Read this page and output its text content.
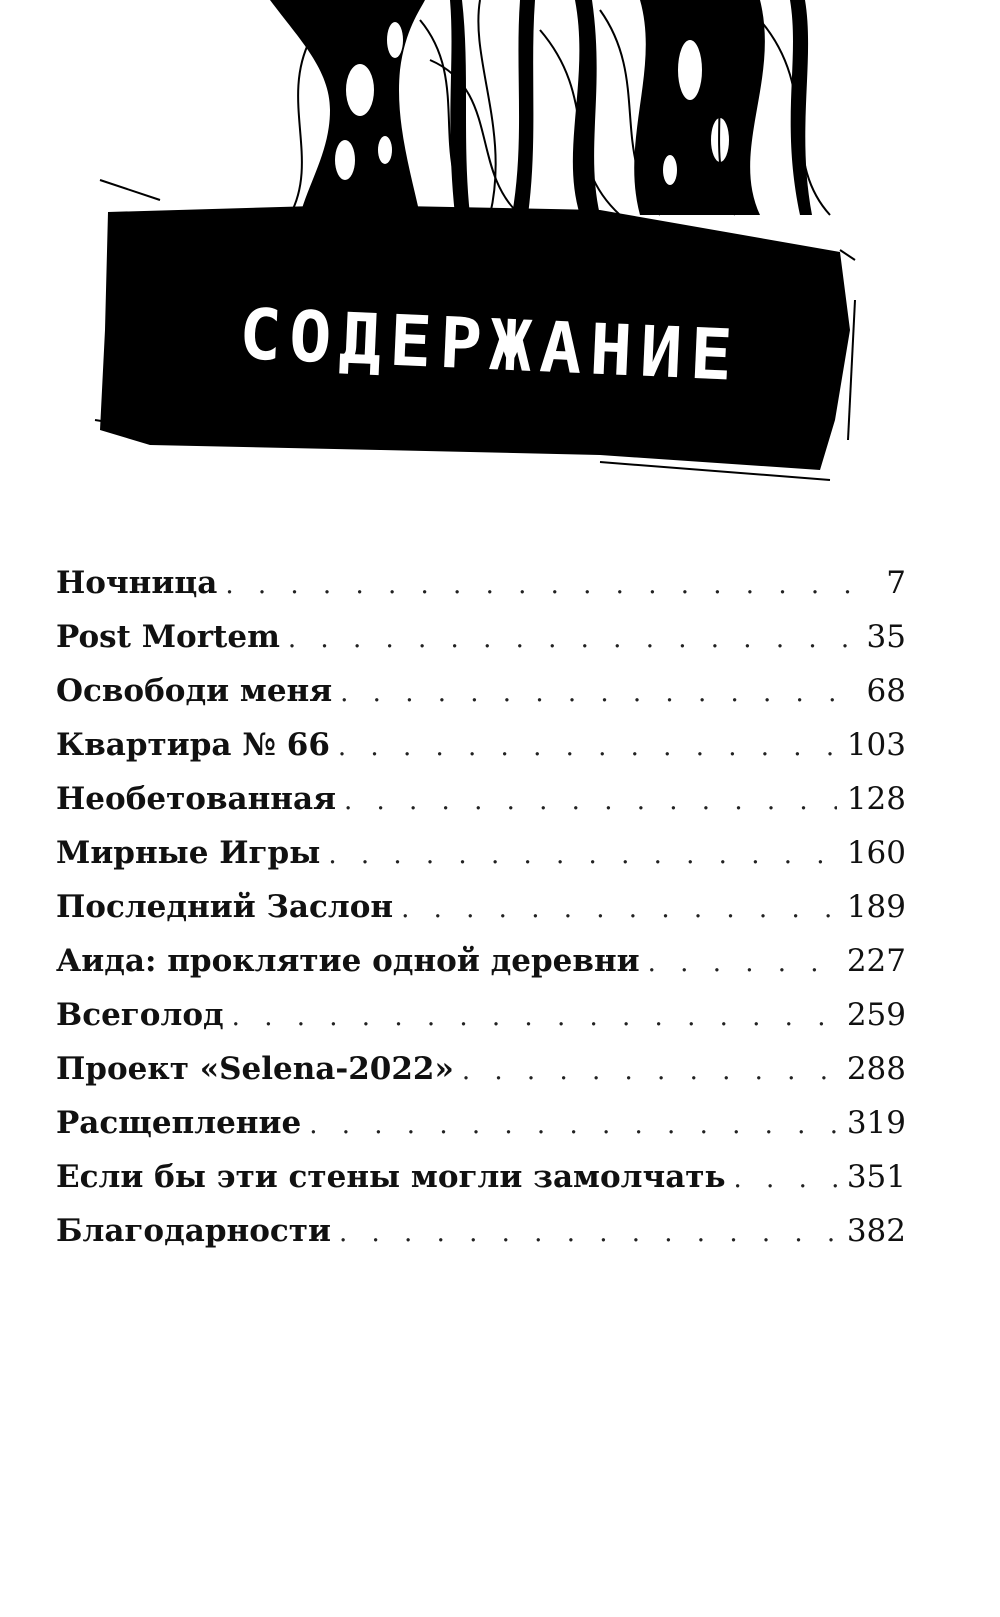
СОДЕРЖАНИЕ
Ночница . . .	7
Post Mortem . . .	35
Освободи меня . . .	68
Квартира № 66 . . .	103
Необетованная . . .	128
Мирные Игры . . .	160
Последний Заслон . . .	189
Аида: проклятие одной деревни . . .	227
Всеголод . . .	259
Проект «Selena-2022» . . .	288
Расщепление . . .	319
Если бы эти стены могли замолчать . . .	351
Благодарности . . .	382
